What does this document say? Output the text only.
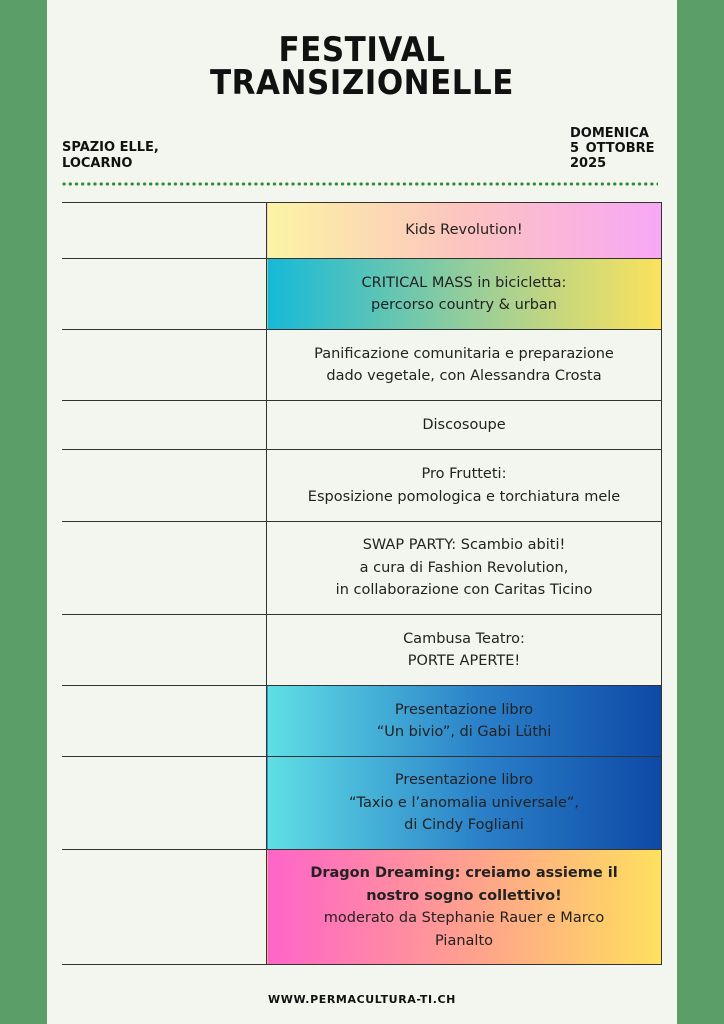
FESTIVAL
TRANSIZIONELLE
SPAZIO ELLE,
LOCARNO
DOMENICA
5 OTTOBRE
2025

	Kids Revolution!

	CRITICAL MASS in bicicletta:
percorso country & urban

	Panificazione comunitaria e preparazione
dado vegetale, con Alessandra Crosta

	Discosoupe

	Pro Frutteti:
Esposizione pomologica e torchiatura mele

	SWAP PARTY: Scambio abiti!
a cura di Fashion Revolution,
in collaborazione con Caritas Ticino

	Cambusa Teatro:
PORTE APERTE!

	Presentazione libro
“Un bivio”, di Gabi Lüthi

	Presentazione libro
“Taxio e l’anomalia universale”,
di Cindy Fogliani

	Dragon Dreaming: creiamo assieme il
nostro sogno collettivo!
moderato da Stephanie Rauer e Marco
Pianalto
WWW.PERMACULTURA-TI.CH
